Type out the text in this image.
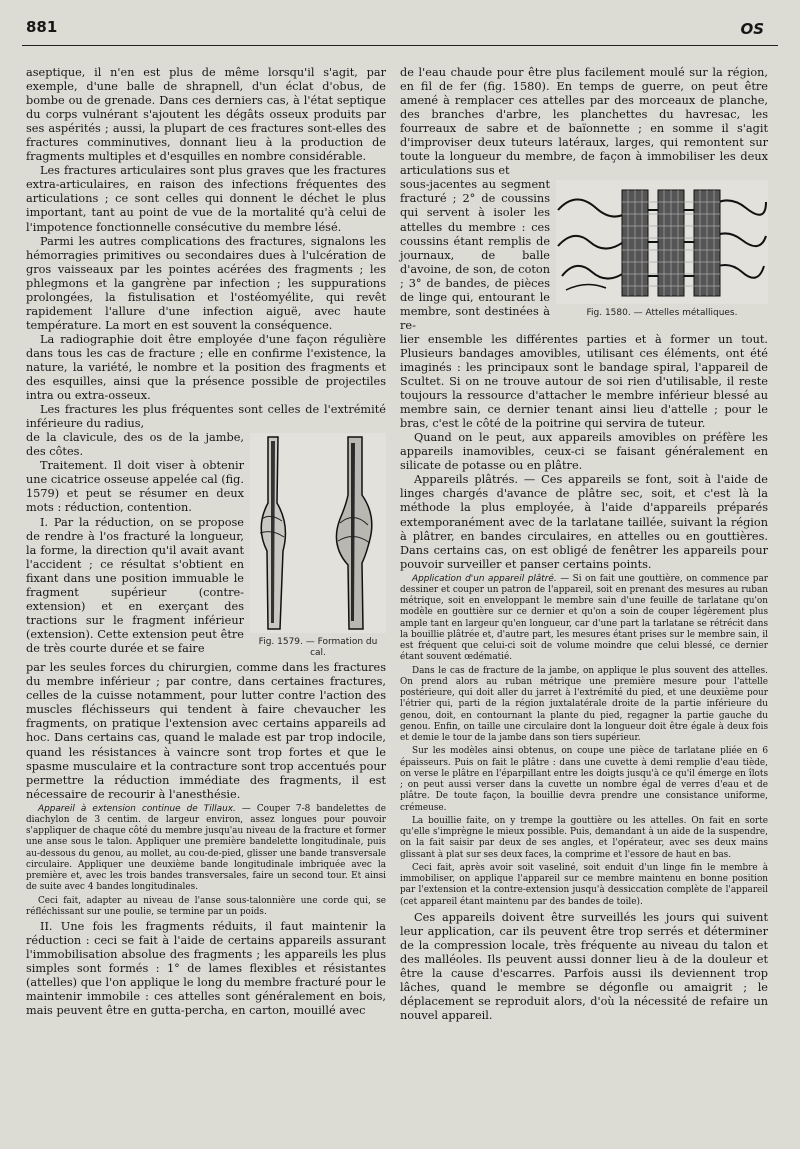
881	OS

aseptique, il n'en est plus de même lorsqu'il s'agit, par exemple, d'une balle de shrapnell, d'un éclat d'obus, de bombe ou de grenade. Dans ces derniers cas, à l'état septique du corps vulnérant s'ajoutent les dégâts osseux produits par ses aspérités ; aussi, la plupart de ces fractures sont-elles des fractures comminutives, donnant lieu à la production de fragments multiples et d'esquilles en nombre considérable.

Les fractures articulaires sont plus graves que les fractures extra-articulaires, en raison des infections fréquentes des articulations ; ce sont celles qui donnent le déchet le plus important, tant au point de vue de la mortalité qu'à celui de l'impotence fonctionnelle consécutive du membre lésé.

Parmi les autres complications des fractures, signalons les hémorragies primitives ou secondaires dues à l'ulcération de gros vaisseaux par les pointes acérées des fragments ; les phlegmons et la gangrène par infection ; les suppurations prolongées, la fistulisation et l'ostéomyélite, qui revêt rapidement l'allure d'une infection aiguë, avec haute température. La mort en est souvent la conséquence.

La radiographie doit être employée d'une façon régulière dans tous les cas de fracture ; elle en confirme l'existence, la nature, la variété, le nombre et la position des fragments et des esquilles, ainsi que la présence possible de projectiles intra ou extra-osseux.

Les fractures les plus fréquentes sont celles de l'extrémité inférieure du radius,

Fig. 1579. — Formation du cal.

de la clavicule, des os de la jambe, des côtes.

Traitement. Il doit viser à obtenir une cicatrice osseuse appelée cal (fig. 1579) et peut se résumer en deux mots : réduction, contention.

I. Par la réduction, on se propose de rendre à l'os fracturé la longueur, la forme, la direction qu'il avait avant l'accident ; ce résultat s'obtient en fixant dans une position immuable le fragment supérieur (contre-extension) et en exerçant des tractions sur le fragment inférieur (extension). Cette extension peut être de très courte durée et se faire

par les seules forces du chirurgien, comme dans les fractures du membre inférieur ; par contre, dans certaines fractures, celles de la cuisse notamment, pour lutter contre l'action des muscles fléchisseurs qui tendent à faire chevaucher les fragments, on pratique l'extension avec certains appareils ad hoc. Dans certains cas, quand le malade est par trop indocile, quand les résistances à vaincre sont trop fortes et que le spasme musculaire et la contracture sont trop accentués pour permettre la réduction immédiate des fragments, il est nécessaire de recourir à l'anesthésie.

Appareil à extension continue de Tillaux. — Couper 7-8 bandelettes de diachylon de 3 centim. de largeur environ, assez longues pour pouvoir s'appliquer de chaque côté du membre jusqu'au niveau de la fracture et former une anse sous le talon. Appliquer une première bandelette longitudinale, puis au-dessous du genou, au mollet, au cou-de-pied, glisser une bande transversale circulaire. Appliquer une deuxième bande longitudinale imbriquée avec la première et, avec les trois bandes transversales, faire un second tour. Et ainsi de suite avec 4 bandes longitudinales.

Ceci fait, adapter au niveau de l'anse sous-talonnière une corde qui, se réfléchissant sur une poulie, se termine par un poids.

II. Une fois les fragments réduits, il faut maintenir la réduction : ceci se fait à l'aide de certains appareils assurant l'immobilisation absolue des fragments ; les appareils les plus simples sont formés : 1° de lames flexibles et résistantes (attelles) que l'on applique le long du membre fracturé pour le maintenir immobile : ces attelles sont généralement en bois, mais peuvent être en gutta-percha, en carton, mouillé avec

de l'eau chaude pour être plus facilement moulé sur la région, en fil de fer (fig. 1580). En temps de guerre, on peut être amené à remplacer ces attelles par des morceaux de planche, des branches d'arbre, les planchettes du havresac, les fourreaux de sabre et de baïonnette ; en somme il s'agit d'improviser deux tuteurs latéraux, larges, qui remontent sur toute la longueur du membre, de façon à immobiliser les deux articulations sus et

Fig. 1580. — Attelles métalliques.

sous-jacentes au segment fracturé ; 2° de coussins qui servent à isoler les attelles du membre : ces coussins étant remplis de journaux, de balle d'avoine, de son, de coton ; 3° de bandes, de pièces de linge qui, entourant le membre, sont destinées à re-

lier ensemble les différentes parties et à former un tout. Plusieurs bandages amovibles, utilisant ces éléments, ont été imaginés : les principaux sont le bandage spiral, l'appareil de Scultet. Si on ne trouve autour de soi rien d'utilisable, il reste toujours la ressource d'attacher le membre inférieur blessé au membre sain, ce dernier tenant ainsi lieu d'attelle ; pour le bras, c'est le côté de la poitrine qui servira de tuteur.

Quand on le peut, aux appareils amovibles on préfère les appareils inamovibles, ceux-ci se faisant généralement en silicate de potasse ou en plâtre.

Appareils plâtrés. — Ces appareils se font, soit à l'aide de linges chargés d'avance de plâtre sec, soit, et c'est là la méthode la plus employée, à l'aide d'appareils préparés extemporanément avec de la tarlatane taillée, suivant la région à plâtrer, en bandes circulaires, en attelles ou en gouttières. Dans certains cas, on est obligé de fenêtrer les appareils pour pouvoir surveiller et panser certains points.

Application d'un appareil plâtré. — Si on fait une gouttière, on commence par dessiner et couper un patron de l'appareil, soit en prenant des mesures au ruban métrique, soit en enveloppant le membre sain d'une feuille de tarlatane qu'on modèle en gouttière sur ce dernier et qu'on a soin de couper légèrement plus ample tant en largeur qu'en longueur, car d'une part la tarlatane se rétrécit dans la bouillie plâtrée et, d'autre part, les mesures étant prises sur le membre sain, il est fréquent que celui-ci soit de volume moindre que celui blessé, ce dernier étant souvent œdématié.

Dans le cas de fracture de la jambe, on applique le plus souvent des attelles. On prend alors au ruban métrique une première mesure pour l'attelle postérieure, qui doit aller du jarret à l'extrémité du pied, et une deuxième pour l'étrier qui, parti de la région juxtalatérale droite de la partie inférieure du genou, doit, en contournant la plante du pied, regagner la partie gauche du genou. Enfin, on taille une circulaire dont la longueur doit être égale à deux fois et demie le tour de la jambe dans son tiers supérieur.

Sur les modèles ainsi obtenus, on coupe une pièce de tarlatane pliée en 6 épaisseurs. Puis on fait le plâtre : dans une cuvette à demi remplie d'eau tiède, on verse le plâtre en l'éparpillant entre les doigts jusqu'à ce qu'il émerge en îlots ; on peut aussi verser dans la cuvette un nombre égal de verres d'eau et de plâtre. De toute façon, la bouillie devra prendre une consistance uniforme, crémeuse.

La bouillie faite, on y trempe la gouttière ou les attelles. On fait en sorte qu'elle s'imprègne le mieux possible. Puis, demandant à un aide de la suspendre, on la fait saisir par deux de ses angles, et l'opérateur, avec ses deux mains glissant à plat sur ses deux faces, la comprime et l'essore de haut en bas.

Ceci fait, après avoir soit vaseliné, soit enduit d'un linge fin le membre à immobiliser, on applique l'appareil sur ce membre maintenu en bonne position par l'extension et la contre-extension jusqu'à dessiccation complète de l'appareil (cet appareil étant maintenu par des bandes de toile).

Ces appareils doivent être surveillés les jours qui suivent leur application, car ils peuvent être trop serrés et déterminer de la compression locale, très fréquente au niveau du talon et des malléoles. Ils peuvent aussi donner lieu à de la douleur et être la cause d'escarres. Parfois aussi ils deviennent trop lâches, quand le membre se dégonfle ou amaigrit ; le déplacement se reproduit alors, d'où la nécessité de refaire un nouvel appareil.
